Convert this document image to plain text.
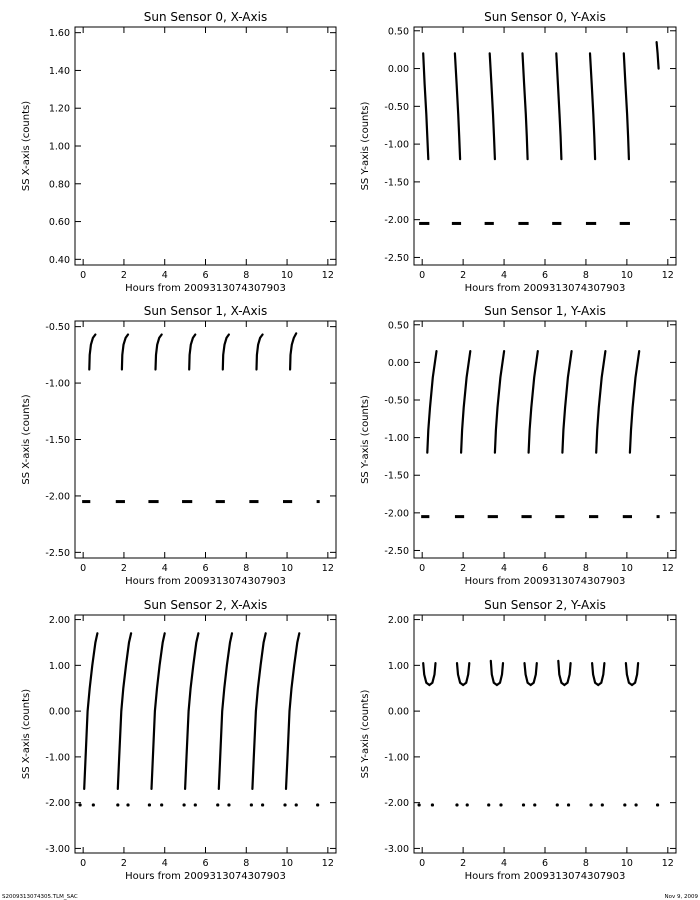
S2009313074305.TLM_SAC	Nov 9, 2009
Sun Sensor 0, X-Axis
Hours from 2009313074307903
SS X-axis (counts)
0	2	4	6	8	10	12
0.40
0.60
0.80
1.00
1.20
1.40
1.60
Sun Sensor 0, Y-Axis
Hours from 2009313074307903
SS Y-axis (counts)
0	2	4	6	8	10	12
0.50
0.00
-0.50
-1.00
-1.50
-2.00
-2.50
Sun Sensor 1, X-Axis
Hours from 2009313074307903
SS X-axis (counts)
0	2	4	6	8	10	12
-0.50
-1.00
-1.50
-2.00
-2.50
Sun Sensor 1, Y-Axis
Hours from 2009313074307903
SS Y-axis (counts)
0	2	4	6	8	10	12
0.50
0.00
-0.50
-1.00
-1.50
-2.00
-2.50
Sun Sensor 2, X-Axis
Hours from 2009313074307903
SS X-axis (counts)
0	2	4	6	8	10	12
2.00
1.00
0.00
-1.00
-2.00
-3.00
Sun Sensor 2, Y-Axis
Hours from 2009313074307903
SS Y-axis (counts)
0	2	4	6	8	10	12
2.00
1.00
0.00
-1.00
-2.00
-3.00
